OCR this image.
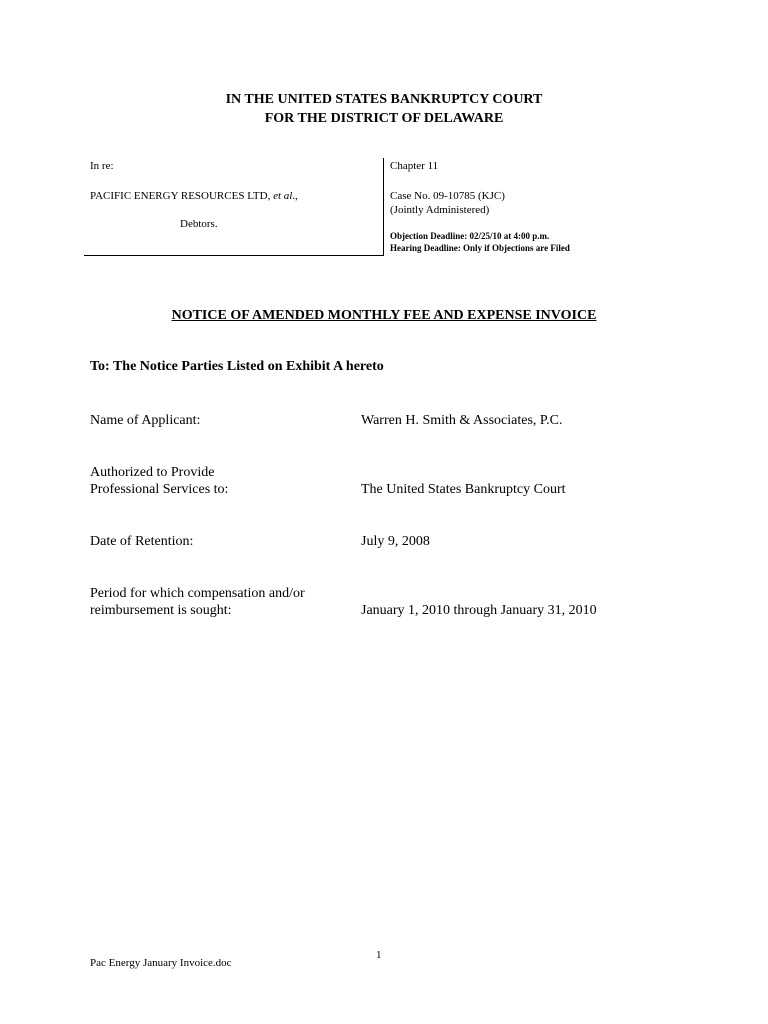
IN THE UNITED STATES BANKRUPTCY COURT
FOR THE DISTRICT OF DELAWARE
In re:
PACIFIC ENERGY RESOURCES LTD, et al.,
Debtors.
Chapter 11
Case No. 09-10785 (KJC)
(Jointly Administered)
Objection Deadline: 02/25/10 at 4:00 p.m.
Hearing Deadline: Only if Objections are Filed
NOTICE OF AMENDED MONTHLY FEE AND EXPENSE INVOICE
To: The Notice Parties Listed on Exhibit A hereto
Name of Applicant:	Warren H. Smith & Associates, P.C.
Authorized to Provide
Professional Services to:	The United States Bankruptcy Court
Date of Retention:	July 9, 2008
Period for which compensation and/or
reimbursement is sought:	January 1, 2010 through January 31, 2010
1
Pac Energy January Invoice.doc
